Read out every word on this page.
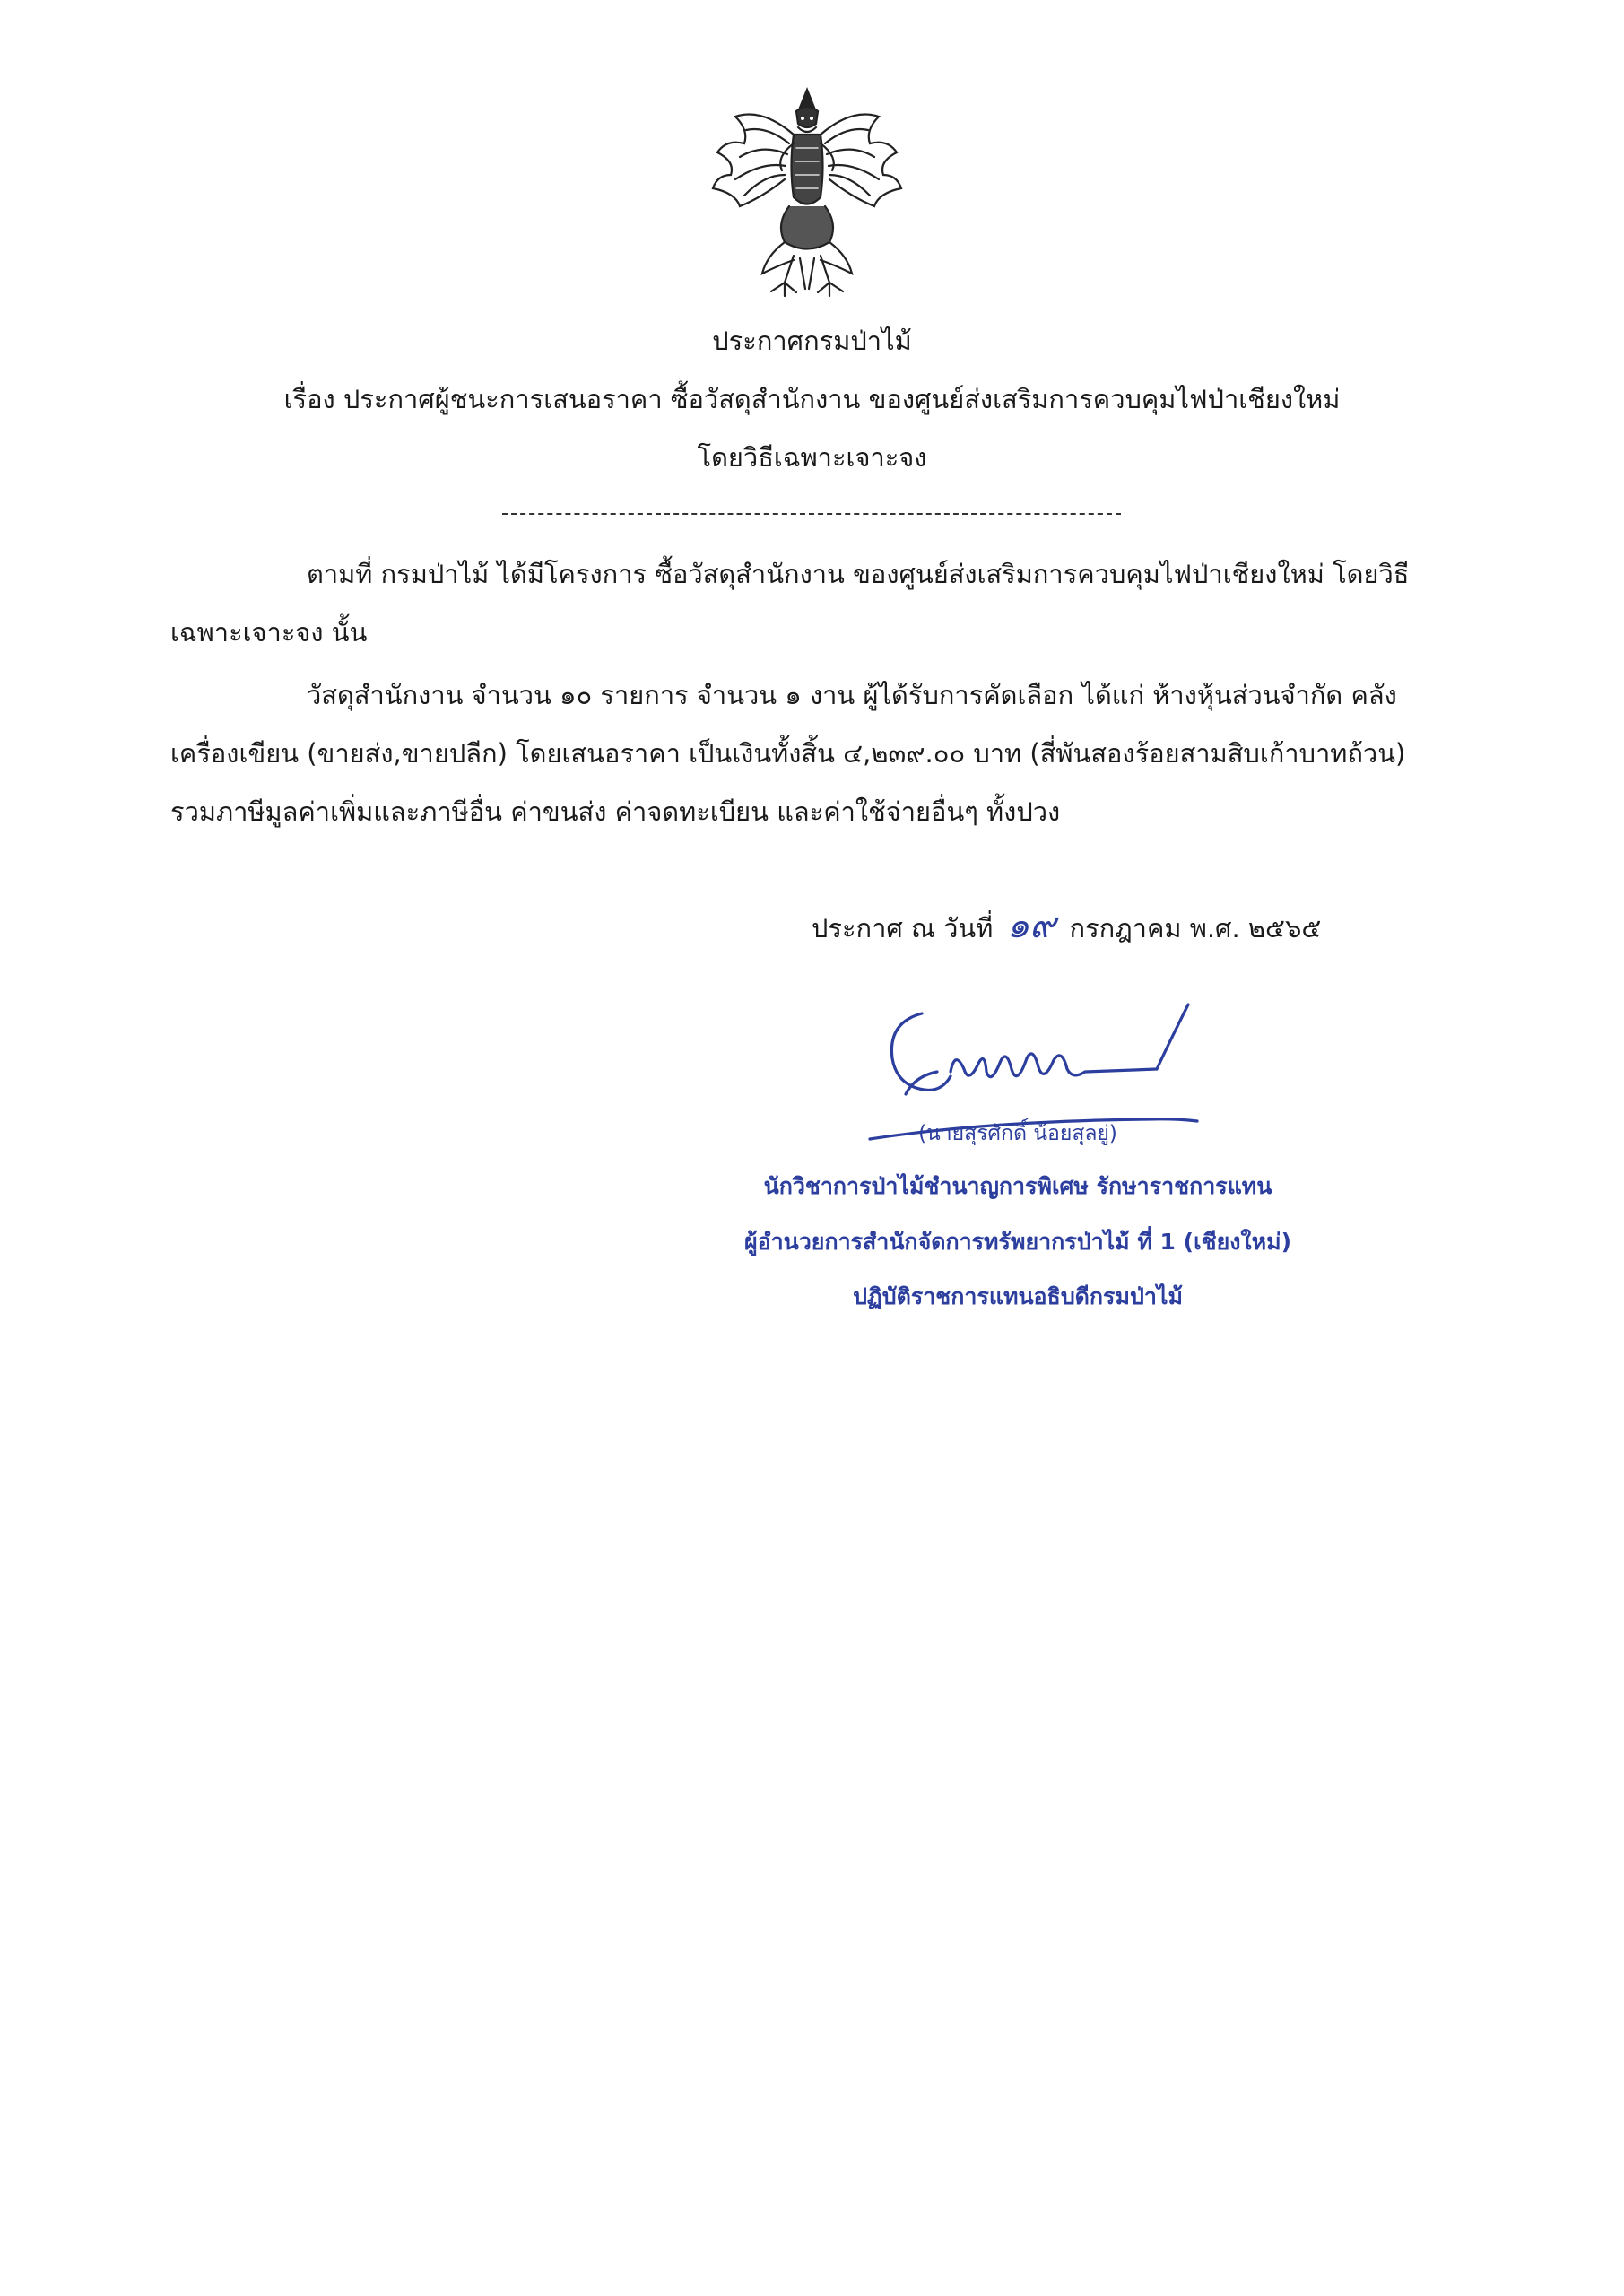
ประกาศกรมป่าไม้
เรื่อง ประกาศผู้ชนะการเสนอราคา ซื้อวัสดุสำนักงาน ของศูนย์ส่งเสริมการควบคุมไฟป่าเชียงใหม่
โดยวิธีเฉพาะเจาะจง
ตามที่ กรมป่าไม้ ได้มีโครงการ ซื้อวัสดุสำนักงาน ของศูนย์ส่งเสริมการควบคุมไฟป่าเชียงใหม่ โดยวิธี
เฉพาะเจาะจง นั้น
วัสดุสำนักงาน จำนวน ๑๐ รายการ จำนวน ๑ งาน ผู้ได้รับการคัดเลือก ได้แก่ ห้างหุ้นส่วนจำกัด คลัง
เครื่องเขียน (ขายส่ง,ขายปลีก) โดยเสนอราคา เป็นเงินทั้งสิ้น ๔,๒๓๙.๐๐ บาท (สี่พันสองร้อยสามสิบเก้าบาทถ้วน)
รวมภาษีมูลค่าเพิ่มและภาษีอื่น ค่าขนส่ง ค่าจดทะเบียน และค่าใช้จ่ายอื่นๆ ทั้งปวง
ประกาศ ณ วันที่ ๑๙ กรกฎาคม พ.ศ. ๒๕๖๕
(นายสุรศักดิ์ น้อยสุลยู่)
นักวิชาการป่าไม้ชำนาญการพิเศษ รักษาราชการแทน
ผู้อำนวยการสำนักจัดการทรัพยากรป่าไม้ ที่ 1 (เชียงใหม่)
ปฏิบัติราชการแทนอธิบดีกรมป่าไม้
